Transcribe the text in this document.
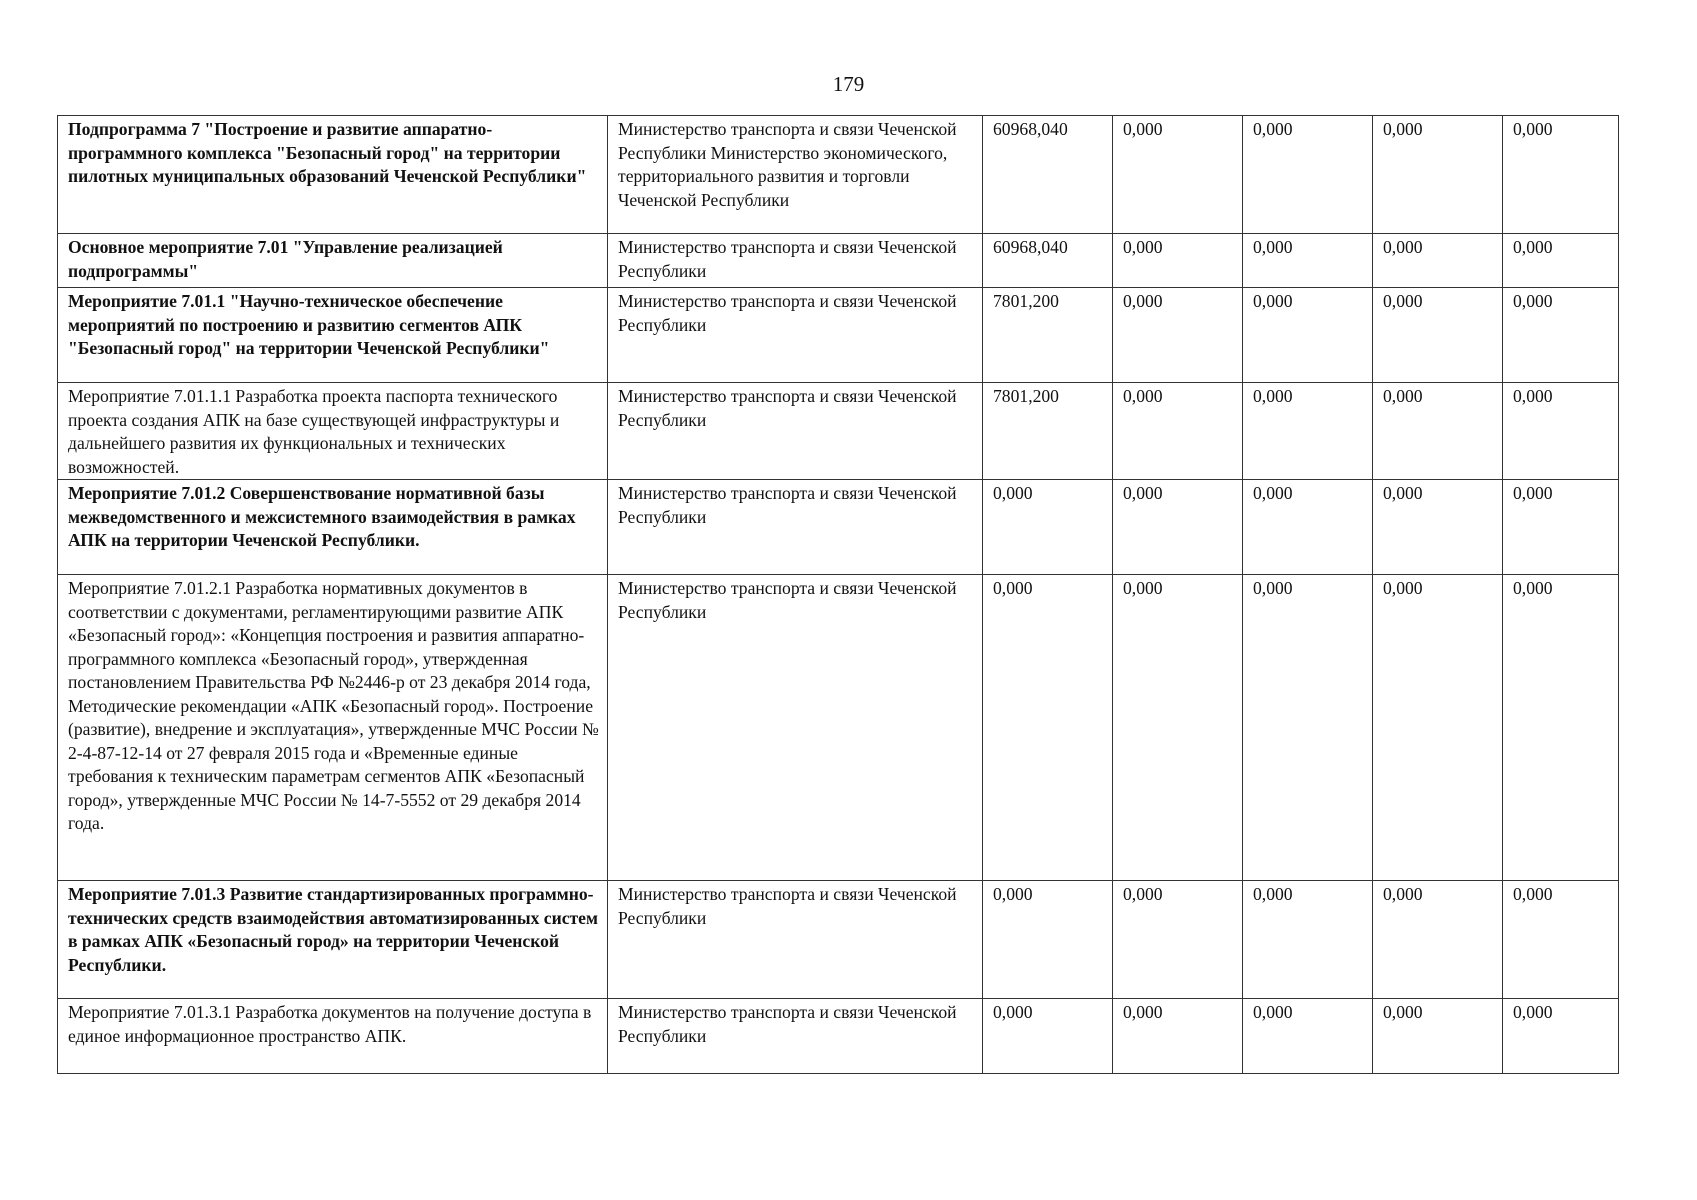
179
Подпрограмма 7 "Построение и развитие аппаратно-программного комплекса "Безопасный город" на территории пилотных муниципальных образований Чеченской Республики"	Министерство транспорта и связи Чеченской Республики Министерство экономического, территориального развития и торговли Чеченской Республики	60968,040	0,000	0,000	0,000	0,000
Основное мероприятие 7.01 "Управление реализацией подпрограммы"	Министерство транспорта и связи Чеченской Республики	60968,040	0,000	0,000	0,000	0,000
Мероприятие 7.01.1 "Научно-техническое обеспечение мероприятий по построению и развитию сегментов АПК "Безопасный город" на территории Чеченской Республики"	Министерство транспорта и связи Чеченской Республики	7801,200	0,000	0,000	0,000	0,000
Мероприятие 7.01.1.1 Разработка проекта паспорта технического проекта создания АПК на базе существующей инфраструктуры и дальнейшего развития их функциональных и технических возможностей.	Министерство транспорта и связи Чеченской Республики	7801,200	0,000	0,000	0,000	0,000
Мероприятие 7.01.2 Совершенствование нормативной базы межведомственного и межсистемного взаимодействия в рамках АПК на территории Чеченской Республики.	Министерство транспорта и связи Чеченской Республики	0,000	0,000	0,000	0,000	0,000
Мероприятие 7.01.2.1 Разработка нормативных документов в соответствии с документами, регламентирующими развитие АПК «Безопасный город»: «Концепция построения и развития аппаратно-программного комплекса «Безопасный город», утвержденная постановлением Правительства РФ №2446-р от 23 декабря 2014 года, Методические рекомендации «АПК «Безопасный город». Построение (развитие), внедрение и эксплуатация», утвержденные МЧС России № 2-4-87-12-14 от 27 февраля 2015 года и «Временные единые требования к техническим параметрам сегментов АПК «Безопасный город», утвержденные МЧС России № 14-7-5552 от 29 декабря 2014 года.	Министерство транспорта и связи Чеченской Республики	0,000	0,000	0,000	0,000	0,000
Мероприятие 7.01.3 Развитие стандартизированных программно-технических средств взаимодействия автоматизированных систем в рамках АПК «Безопасный город» на территории Чеченской Республики.	Министерство транспорта и связи Чеченской Республики	0,000	0,000	0,000	0,000	0,000
Мероприятие 7.01.3.1 Разработка документов на получение доступа в единое информационное пространство АПК.	Министерство транспорта и связи Чеченской Республики	0,000	0,000	0,000	0,000	0,000
